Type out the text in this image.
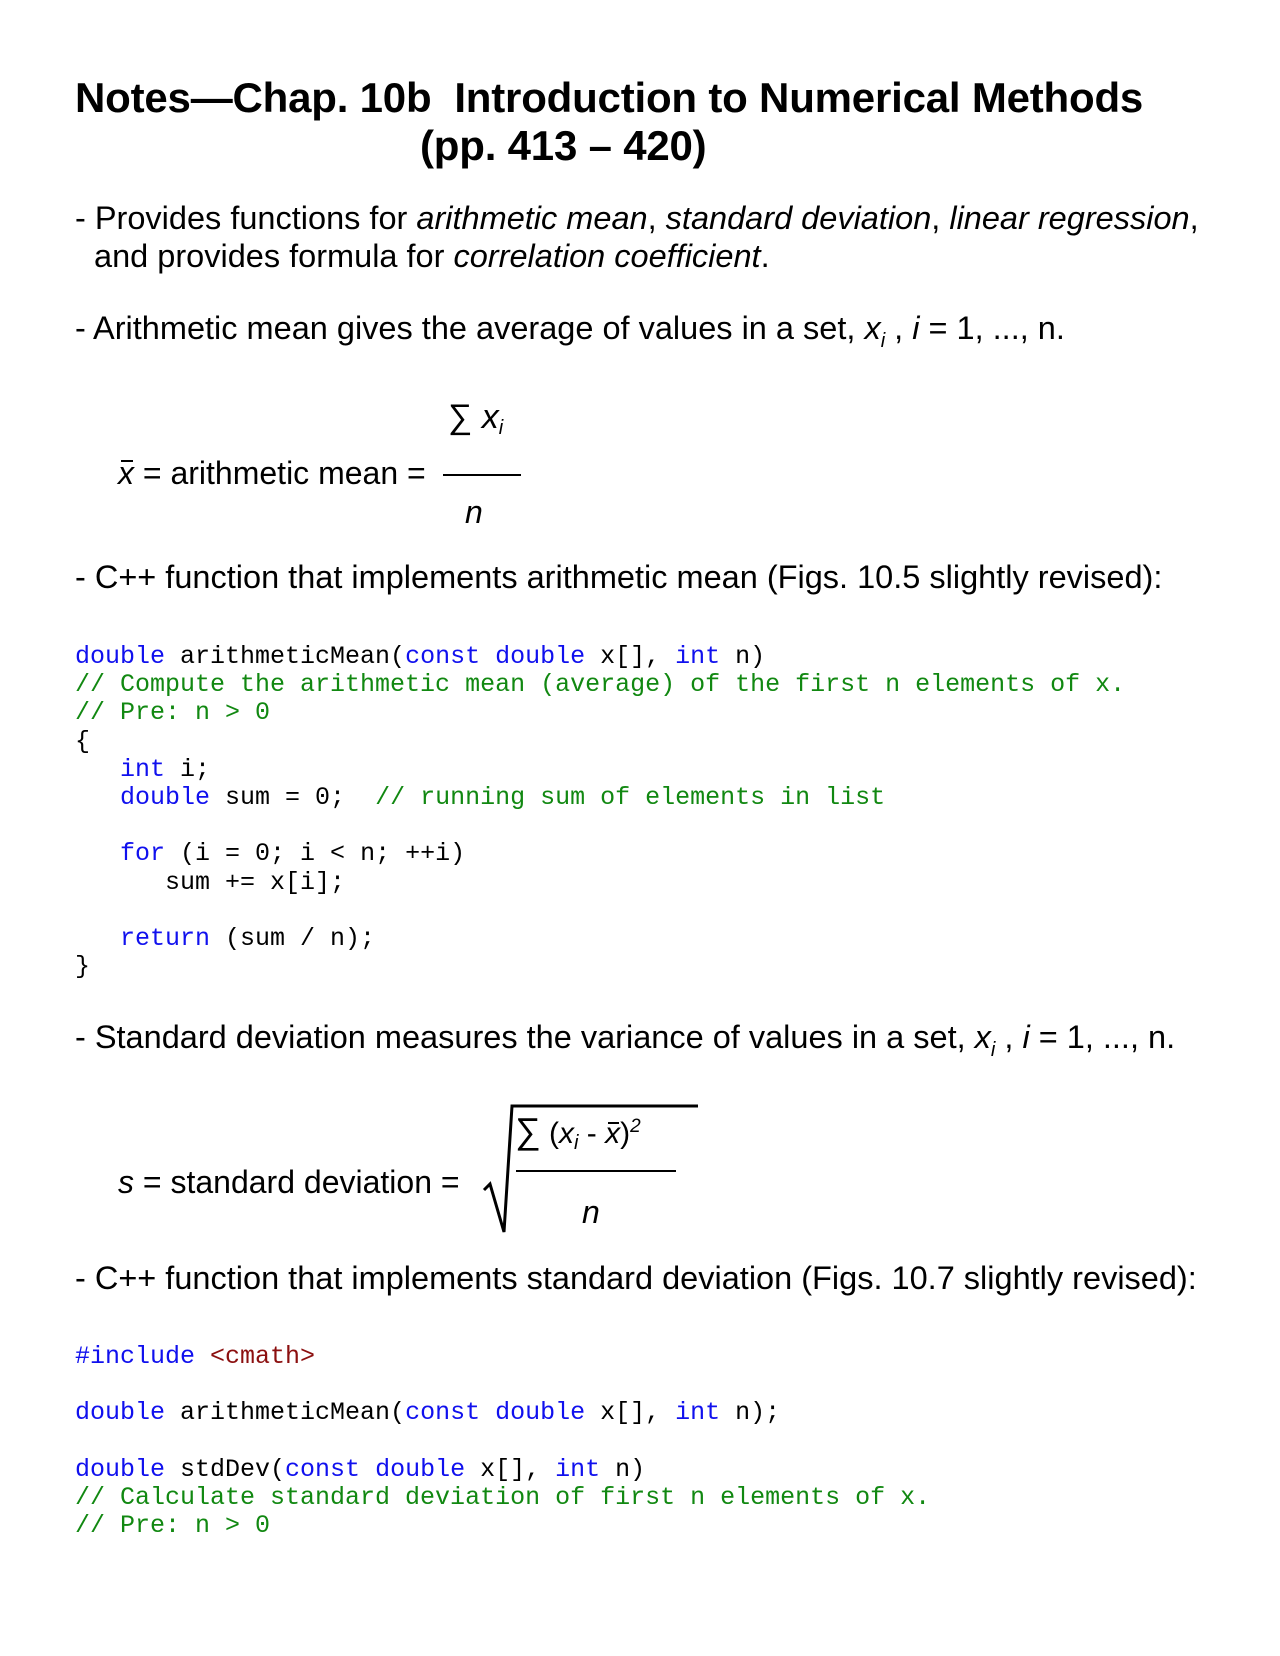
Notes—Chap. 10b  Introduction to Numerical Methods
(pp. 413 – 420)
- Provides functions for arithmetic mean, standard deviation, linear regression,
and provides formula for correlation coefficient.
- Arithmetic mean gives the average of values in a set, $x_i$ , i = 1, ..., n.
x = arithmetic mean =
∑ xi
n
- C++ function that implements arithmetic mean (Figs. 10.5 slightly revised):
double arithmeticMean(const double x[], int n)
// Compute the arithmetic mean (average) of the first n elements of x.
// Pre: n > 0
{
int i;
double sum = 0;  // running sum of elements in list

for (i = 0; i < n; ++i)
sum += x[i];

return (sum / n);
}
- Standard deviation measures the variance of values in a set, $x_i$ , i = 1, ..., n.
s = standard deviation =
∑ $(x_i - x)^2$
n
- C++ function that implements standard deviation (Figs. 10.7 slightly revised):
#include <cmath>

double arithmeticMean(const double x[], int n);

double stdDev(const double x[], int n)
// Calculate standard deviation of first n elements of x.
// Pre: n > 0
